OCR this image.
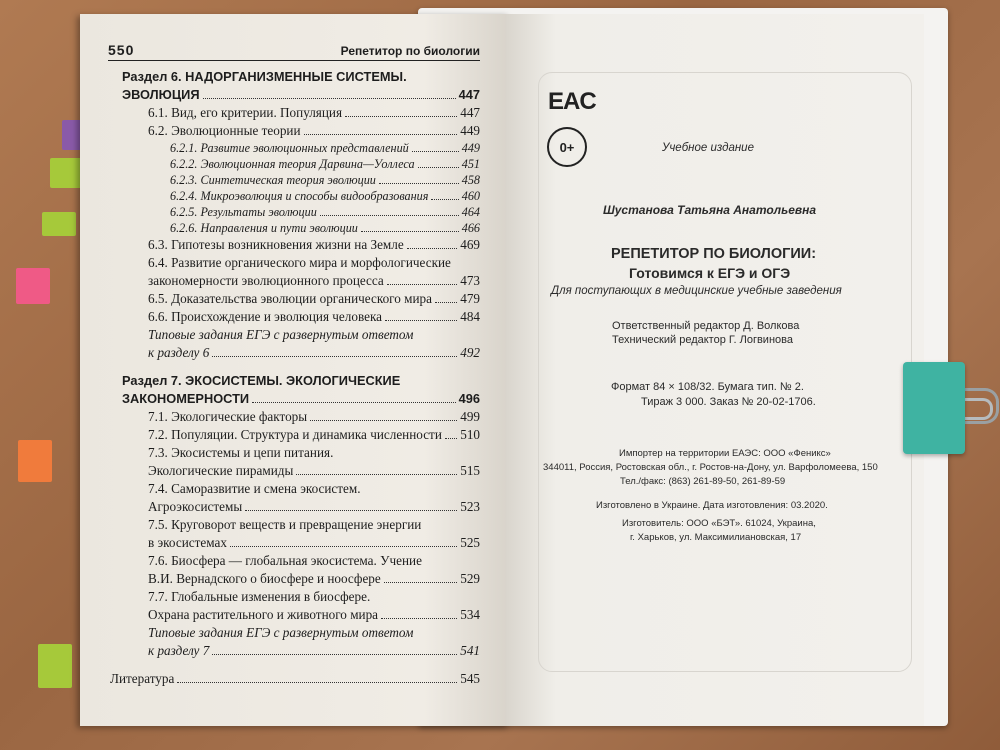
550	Репетитор по биологии
Раздел 6. НАДОРГАНИЗМЕННЫЕ СИСТЕМЫ.
ЭВОЛЮЦИЯ	447
6.1. Вид, его критерии. Популяция	447
6.2. Эволюционные теории	449
6.2.1. Развитие эволюционных представлений	449
6.2.2. Эволюционная теория Дарвина—Уоллеса	451
6.2.3. Синтетическая теория эволюции	458
6.2.4. Микроэволюция и способы видообразования	460
6.2.5. Результаты эволюции	464
6.2.6. Направления и пути эволюции	466
6.3. Гипотезы возникновения жизни на Земле	469
6.4. Развитие органического мира и морфологические
закономерности эволюционного процесса	473
6.5. Доказательства эволюции органического мира 479
6.6. Происхождение и эволюция человека	484
Типовые задания ЕГЭ с развернутым ответом
к разделу 6	492
Раздел 7. ЭКОСИСТЕМЫ. ЭКОЛОГИЧЕСКИЕ
ЗАКОНОМЕРНОСТИ	496
7.1. Экологические факторы	499
7.2. Популяции. Структура и динамика численности 510
7.3. Экосистемы и цепи питания.
Экологические пирамиды	515
7.4. Саморазвитие и смена экосистем.
Агроэкосистемы	523
7.5. Круговорот веществ и превращение энергии
в экосистемах	525
7.6. Биосфера — глобальная экосистема. Учение
В.И. Вернадского о биосфере и ноосфере	529
7.7. Глобальные изменения в биосфере.
Охрана растительного и животного мира	534
Типовые задания ЕГЭ с развернутым ответом
к разделу 7	541
Литература	545
EAC
0+	Учебное издание
Шустанова Татьяна Анатольевна
РЕПЕТИТОР ПО БИОЛОГИИ:
Готовимся к ЕГЭ и ОГЭ
Для поступающих в медицинские учебные заведения
Ответственный редактор Д. Волкова
Технический редактор Г. Логвинова
Формат 84 × 108/32. Бумага тип. № 2.
Тираж 3 000. Заказ № 20-02-1706.
Импортер на территории ЕАЭС: ООО «Феникс»
344011, Россия, Ростовская обл., г. Ростов-на-Дону, ул. Варфоломеева, 150
Тел./факс: (863) 261-89-50, 261-89-59
Изготовлено в Украине. Дата изготовления: 03.2020.
Изготовитель: ООО «БЭТ». 61024, Украина,
г. Харьков, ул. Максимилиановская, 17
